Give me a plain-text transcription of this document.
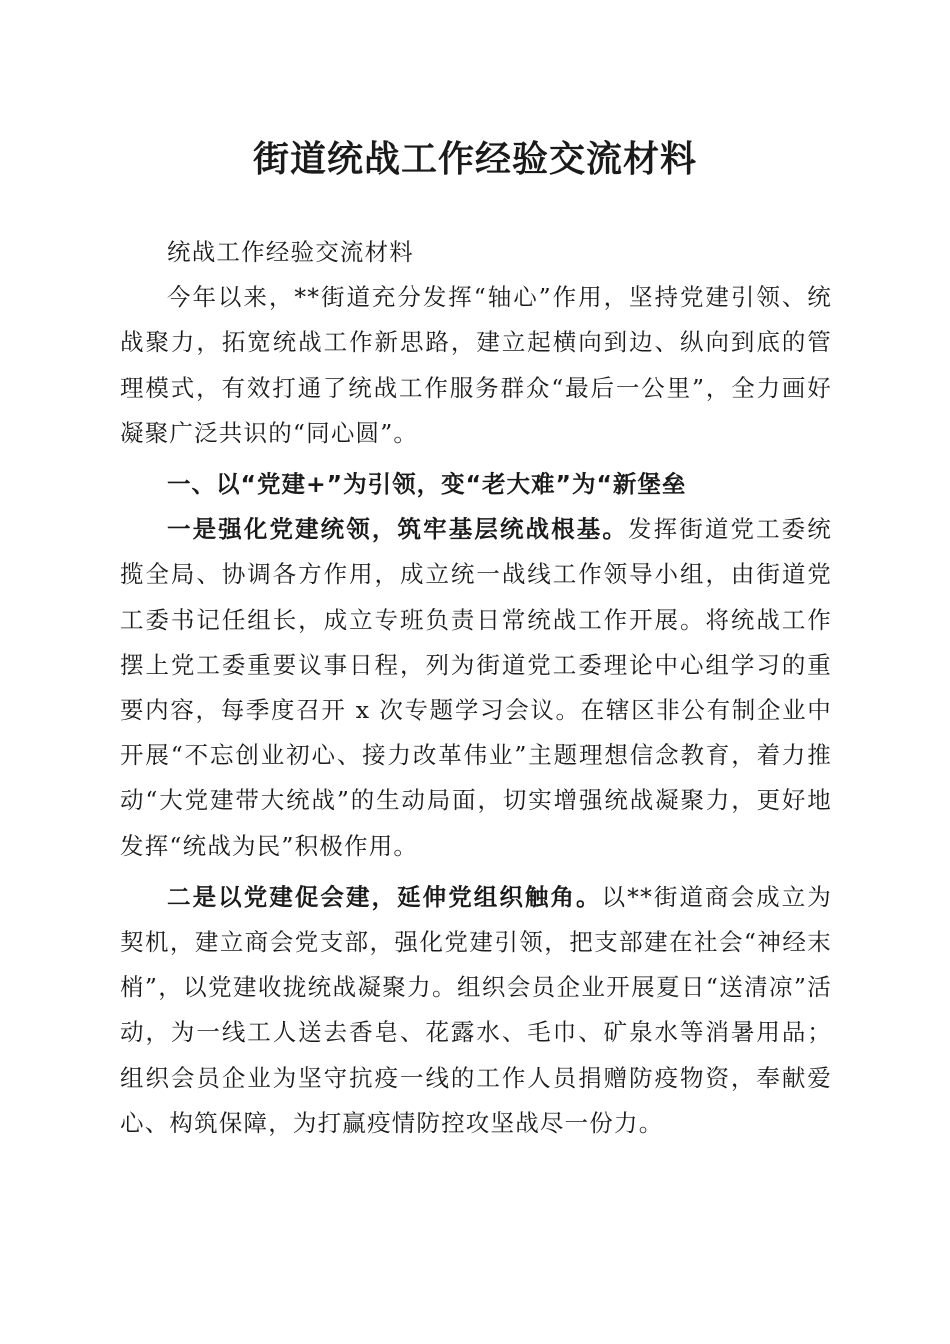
街道统战工作经验交流材料

统战工作经验交流材料

今年以来，**街道充分发挥“轴心”作用，坚持党建引领、统战聚力，拓宽统战工作新思路，建立起横向到边、纵向到底的管理模式，有效打通了统战工作服务群众“最后一公里”，全力画好凝聚广泛共识的“同心圆”。

一、以“党建+”为引领，变“老大难”为“新堡垒

一是强化党建统领，筑牢基层统战根基。发挥街道党工委统揽全局、协调各方作用，成立统一战线工作领导小组，由街道党工委书记任组长，成立专班负责日常统战工作开展。将统战工作摆上党工委重要议事日程，列为街道党工委理论中心组学习的重要内容，每季度召开 x 次专题学习会议。在辖区非公有制企业中开展“不忘创业初心、接力改革伟业”主题理想信念教育，着力推动“大党建带大统战”的生动局面，切实增强统战凝聚力，更好地发挥“统战为民”积极作用。

二是以党建促会建，延伸党组织触角。以**街道商会成立为契机，建立商会党支部，强化党建引领，把支部建在社会“神经末梢”，以党建收拢统战凝聚力。组织会员企业开展夏日“送清凉”活动，为一线工人送去香皂、花露水、毛巾、矿泉水等消暑用品；组织会员企业为坚守抗疫一线的工作人员捐赠防疫物资，奉献爱心、构筑保障，为打赢疫情防控攻坚战尽一份力。
